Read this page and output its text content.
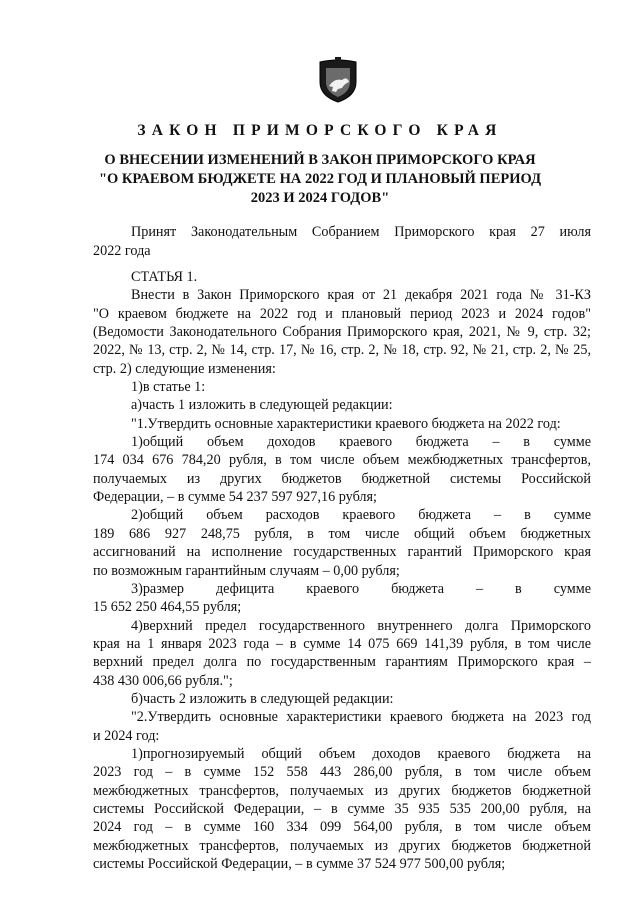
ЗАКОН ПРИМОРСКОГО КРАЯ
О ВНЕСЕНИИ ИЗМЕНЕНИЙ В ЗАКОН ПРИМОРСКОГО КРАЯ
"О КРАЕВОМ БЮДЖЕТЕ НА 2022 ГОД И ПЛАНОВЫЙ ПЕРИОД
2023 И 2024 ГОДОВ"
Принят Законодательным Собранием Приморского края 27 июля
2022 года
СТАТЬЯ 1.
Внести в Закон Приморского края от 21 декабря 2021 года № 31-КЗ
"О краевом бюджете на 2022 год и плановый период 2023 и 2024 годов"
(Ведомости Законодательного Собрания Приморского края, 2021, № 9, стр. 32;
2022, № 13, стр. 2, № 14, стр. 17, № 16, стр. 2, № 18, стр. 92, № 21, стр. 2, № 25,
стр. 2) следующие изменения:
1)в статье 1:
а)часть 1 изложить в следующей редакции:
"1.Утвердить основные характеристики краевого бюджета на 2022 год:
1)общий объем доходов краевого бюджета – в сумме
174 034 676 784,20 рубля, в том числе объем межбюджетных трансфертов,
получаемых из других бюджетов бюджетной системы Российской
Федерации, – в сумме 54 237 597 927,16 рубля;
2)общий объем расходов краевого бюджета – в сумме
189 686 927 248,75 рубля, в том числе общий объем бюджетных
ассигнований на исполнение государственных гарантий Приморского края
по возможным гарантийным случаям – 0,00 рубля;
3)размер дефицита краевого бюджета – в сумме
15 652 250 464,55 рубля;
4)верхний предел государственного внутреннего долга Приморского
края на 1 января 2023 года – в сумме 14 075 669 141,39 рубля, в том числе
верхний предел долга по государственным гарантиям Приморского края –
438 430 006,66 рубля.";
б)часть 2 изложить в следующей редакции:
"2.Утвердить основные характеристики краевого бюджета на 2023 год
и 2024 год:
1)прогнозируемый общий объем доходов краевого бюджета на
2023 год – в сумме 152 558 443 286,00 рубля, в том числе объем
межбюджетных трансфертов, получаемых из других бюджетов бюджетной
системы Российской Федерации, – в сумме 35 935 535 200,00 рубля, на
2024 год – в сумме 160 334 099 564,00 рубля, в том числе объем
межбюджетных трансфертов, получаемых из других бюджетов бюджетной
системы Российской Федерации, – в сумме 37 524 977 500,00 рубля;
